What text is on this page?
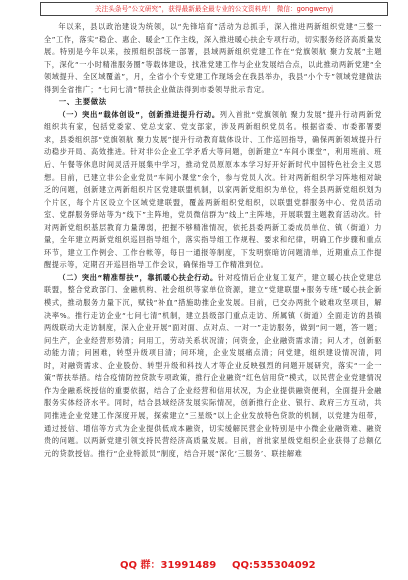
关注头条号“公文研究”，获得最新最全最专业的公文资料库！ 微信：gongwenyj

年以来，县以政治建设为统领，以“先锋培育”活动为总抓手，深入推进两新组织党建“三整一全”工作，落实“稳企、惠企、暖企”工作主线，深入推进暖心扶企专项行动，切实服务经济高质量发展。特别是今年以来，按照组织部统一部署，县域两新组织党建工作在“党旗领航 聚力发展”主题下，深化“一小时精准服务圈”等载体建设，找准党建工作与企业发展结合点，以此推动两新党建“全领域提升、全区域覆盖”，月，全省小个专党建工作现场会在我县举办，我县“小个专”领域党建做法得到全省推广；“七问七清”帮扶企业做法得到市委领导批示肯定。

一、主要做法

（一）突出“载体创设”，创新推进提升行动。列入首批“党旗领航 聚力发展”提升行动两新党组织共有家，包括党委家、党总支家、党支部家，涉及两新组织党员名。根据省委、市委都署要求，县委组织部“党旗领航 聚力发展”提升行动教育载体设计、工作巡回指导，确保两新领域提升行动稳步开局、高效推进。针对非公企业工学矛盾大等问题，创新建立“车间小课堂”，利用班前、班后、午餐等休息时间灵活开展集中学习，推动党员原原本本学习好开好新时代中国特色社会主义思想。目前，已建立非公企业党员“车间小课堂”余个，参与党员人次。针对两新组织学习阵地相对缺乏的问题，创新建立两新组织片区党建联盟机制，以家两新党组织为单位，将全县两新党组织划为个片区，每个片区设立个区域党建联盟，覆盖两新组织党组织，以联盟党群服务中心、党员活动室、党群服务驿站等为“线下”主阵地，党员微信群为“线上”主阵地，开展联盟主题教育活动次。针对两新党组织基层教育力量薄弱，把握不够精准情况，依托县委两新工委成员单位、镇（街道）力量，全年建立两新党组织巡回指导组个，落实指导组工作规程、要求和纪律，明确工作步骤和重点环节，建立工作例会、工作台帐等，每日一通报等制度，下发明察暗访问题清单，近期重点工作提醒提示等，定期召开巡回指导工作会议，确保指导工作精准到位。

（二）突出“精准帮扶”，靠抓暖心扶企行动。针对疫情后企业复工复产，建立暖心扶企党建总联盟，整合党政部门、金融机构、社会组织等家单位资源，建立“党建联盟+服务专班”暖心扶企新模式，推动服务力量下沉，赋钱“补血”措施助推企业发展。目前，已交办两批个破难攻坚项目，解决率%。推行走访企业“七问七清”机制，建立县级部门重点走访、所属镇（街道）全面走访的县镇两级联动大走访制度，深入企业开展“面对面、点对点、一对一”走访服务，做到“问一题，答一题；问生产，企业经营形势清；问用工，劳动关系状况清；问资金，企业融资需求清；问人才，创新驱动能力清；问困难，转型升级项目清；问环境，企业发展痛点清；问党建，组织建设情况清，同时，对融资需求、企业股份、转型升级和科技人才等企业反映强烈的问题开展研究，落实“一企一策”帮扶举措。结合疫情防控贷款专项政策，推行企业融资“红色信用贷”模式，以民营企业党建情况作为金融系统授信的重要依据，结合了企业经营和信用状况，为企业提供融资便利，全面提升金融服务实体经济水平。同时，结合县域经济发展实际情况，创新推行企业、银行、政府三方互动，共同推进企业党建工作深度开展，探索建立“三星级”以上企业发放特色贷款的机制，以党建为纽带，通过授信、增信等方式为企业提供低成本融资，切实缓解民营企业特别是中小微企业融资难、融资贵的问题。以两新党建引领支持民营经济高质量发展。目前，首批家星级党组织企业获得了总额亿元的贷款授信。推行“企业特派员”制度，结合开展“深化‘三服务’、联挂解难

QQ 群：31991489 QQ:535304092
